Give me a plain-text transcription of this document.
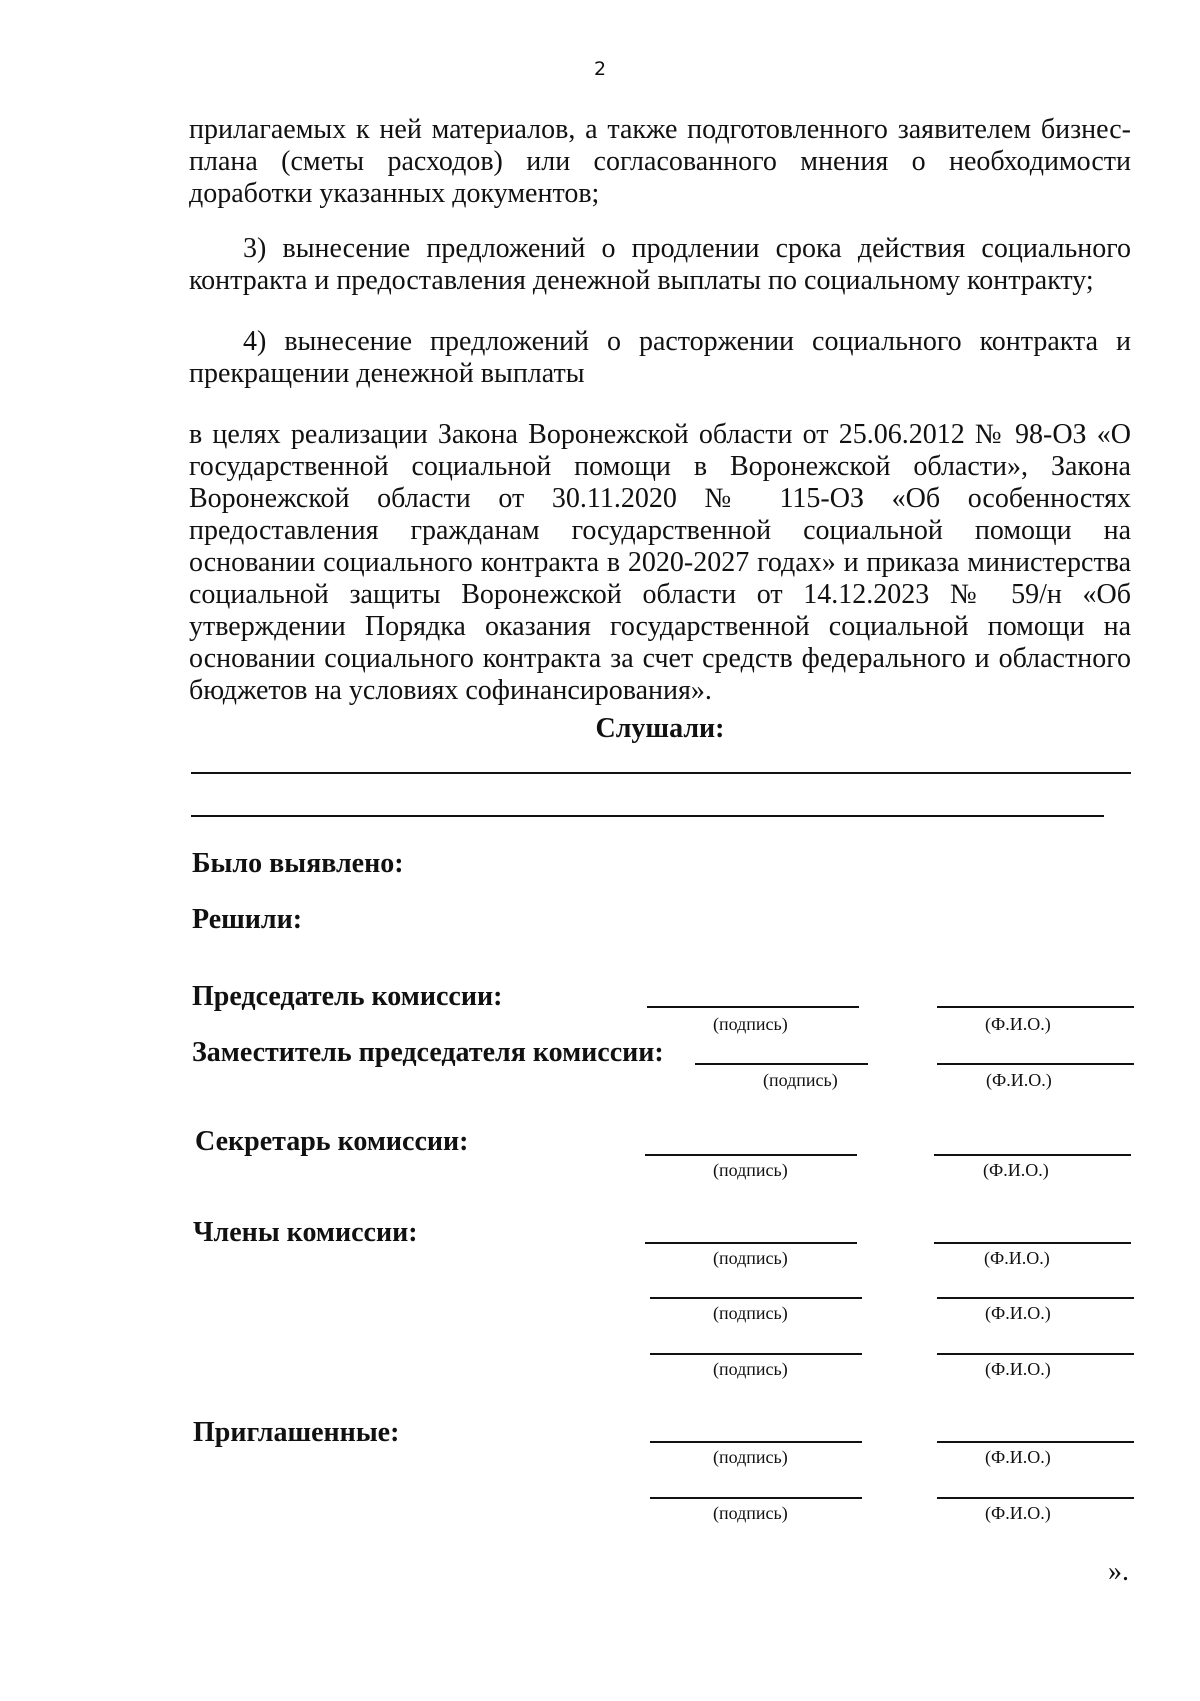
2

прилагаемых к ней материалов, а также подготовленного заявителем бизнес-плана (сметы расходов) или согласованного мнения о необходимости доработки указанных документов;

3) вынесение предложений о продлении срока действия социального контракта и предоставления денежной выплаты по социальному контракту;

4) вынесение предложений о расторжении социального контракта и прекращении денежной выплаты

в целях реализации Закона Воронежской области от 25.06.2012 № 98-ОЗ «О государственной социальной помощи в Воронежской области», Закона Воронежской области от 30.11.2020 № 115-ОЗ «Об особенностях предоставления гражданам государственной социальной помощи на основании социального контракта в 2020-2027 годах» и приказа министерства социальной защиты Воронежской области от 14.12.2023 № 59/н «Об утверждении Порядка оказания государственной социальной помощи на основании социального контракта за счет средств федерального и областного бюджетов на условиях софинансирования».

Слушали:
Было выявлено:
Решили:
Председатель комиссии:
(подпись)	(Ф.И.О.)
Заместитель председателя комиссии:
(подпись)	(Ф.И.О.)
Секретарь комиссии:
(подпись)	(Ф.И.О.)
Члены комиссии:
(подпись)	(Ф.И.О.)
(подпись)	(Ф.И.О.)
(подпись)	(Ф.И.О.)
Приглашенные:
(подпись)	(Ф.И.О.)
(подпись)	(Ф.И.О.)
».
